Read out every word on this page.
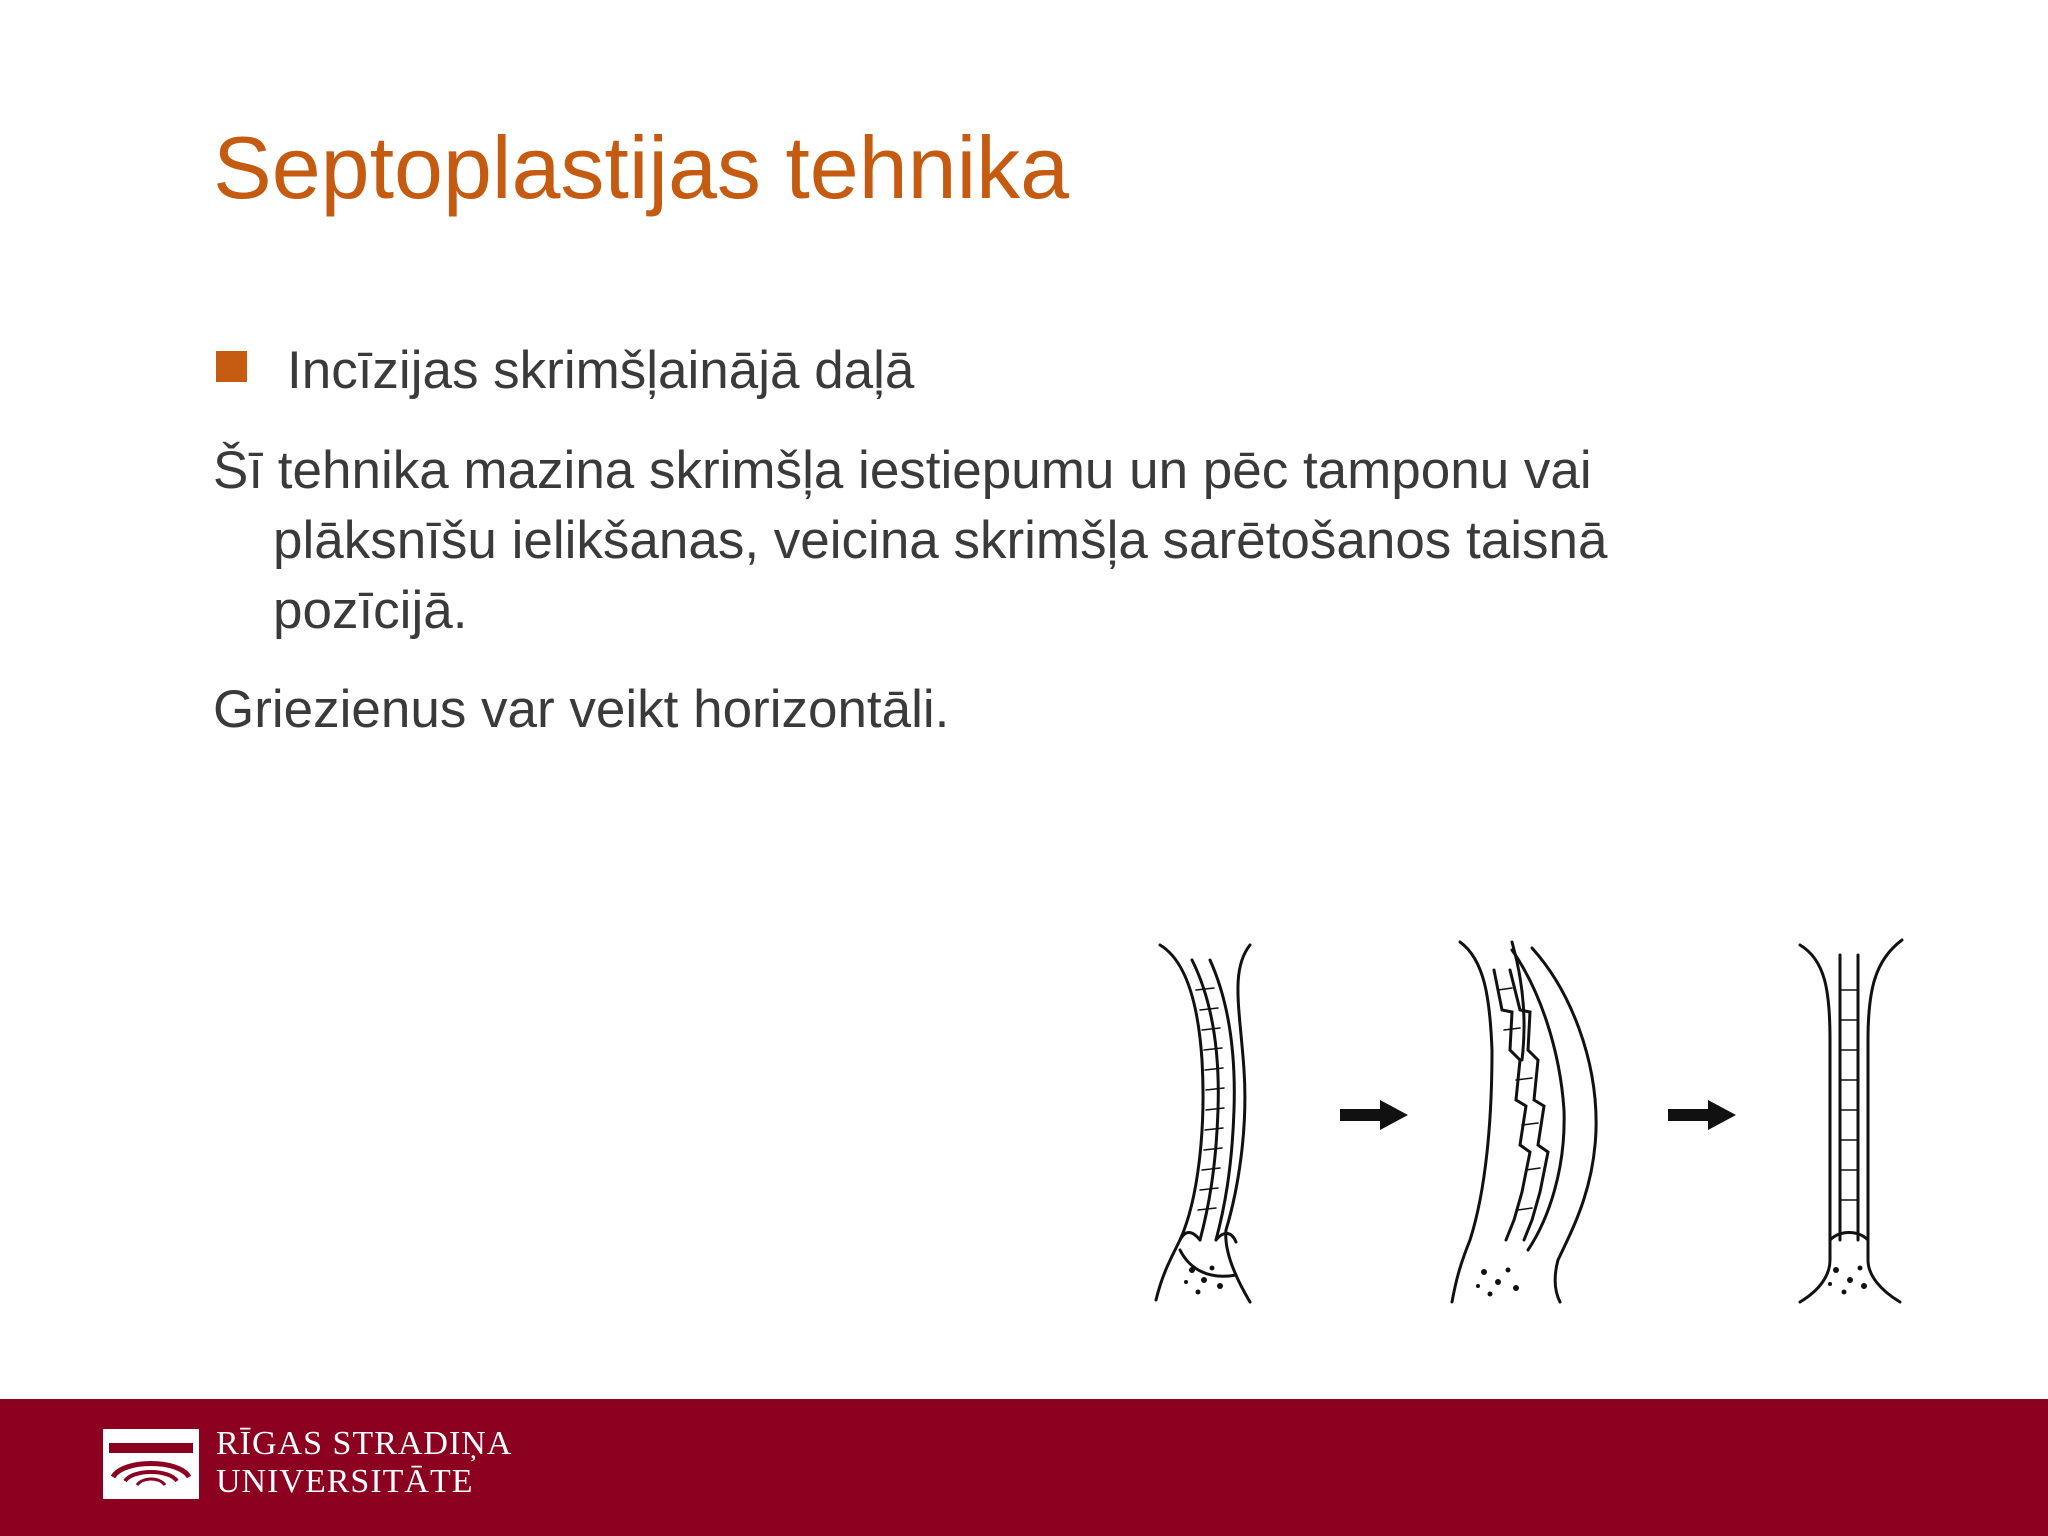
Septoplastijas tehnika
Incīzijas skrimšļainājā daļā
Šī tehnika mazina skrimšļa iestiepumu un pēc tamponu vai
plāksnīšu ielikšanas, veicina skrimšļa sarētošanos taisnā
pozīcijā.
Griezienus var veikt horizontāli.
RĪGAS STRADIŅA
UNIVERSITĀTE
